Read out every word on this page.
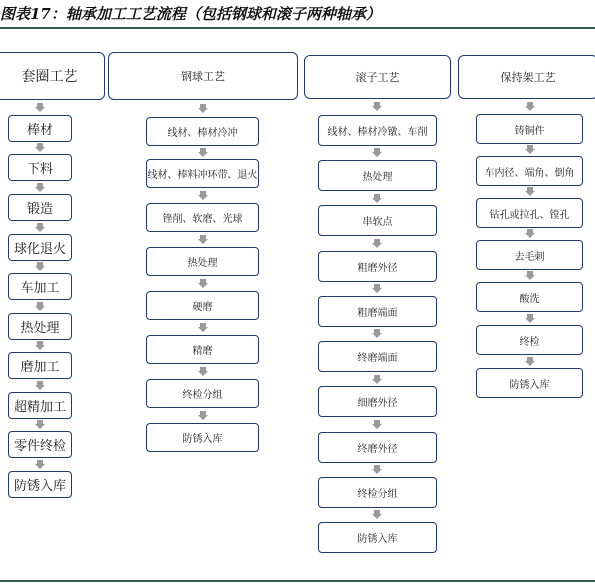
图表17：轴承加工工艺流程（包括钢球和滚子两种轴承）
套圈工艺
棒材
下料
锻造
球化退火
车加工
热处理
磨加工
超精加工
零件终检
防锈入库
钢球工艺
线材、棒材冷冲
线材、棒料冲环带、退火
锉削、软磨、光球
热处理
硬磨
精磨
终检分组
防锈入库
滚子工艺
线材、棒材冷镦、车削
热处理
串软点
粗磨外径
粗磨端面
终磨端面
细磨外径
终磨外径
终检分组
防锈入库
保持架工艺
铸铜件
车内径、端角、倒角
钻孔或拉孔、镗孔
去毛刺
酸洗
终检
防锈入库
